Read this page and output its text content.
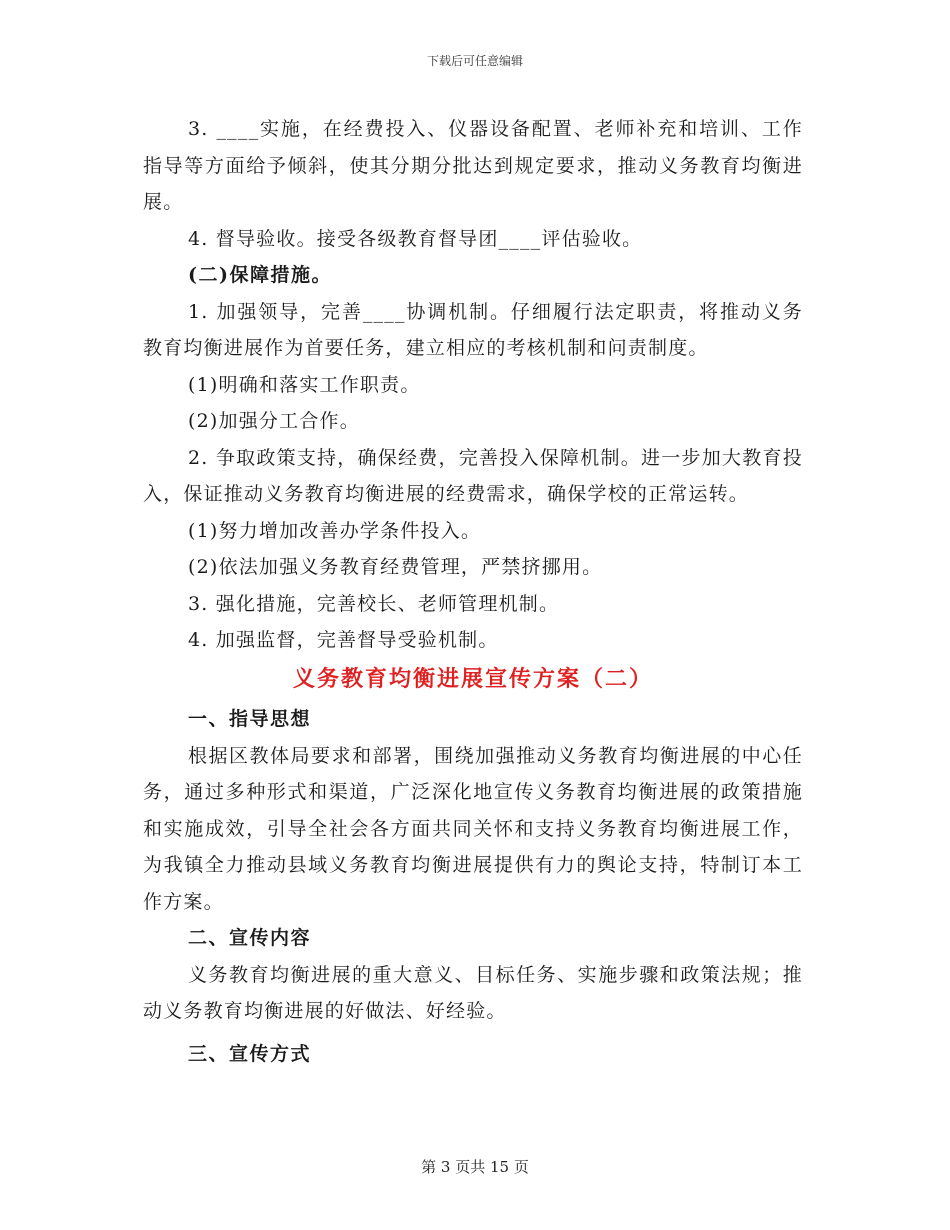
下载后可任意编辑

3. ____实施，在经费投入、仪器设备配置、老师补充和培训、工作指导等方面给予倾斜，使其分期分批达到规定要求，推动义务教育均衡进展。

4. 督导验收。接受各级教育督导团____评估验收。

(二)保障措施。

1. 加强领导，完善____协调机制。仔细履行法定职责，将推动义务教育均衡进展作为首要任务，建立相应的考核机制和问责制度。

(1)明确和落实工作职责。

(2)加强分工合作。

2. 争取政策支持，确保经费，完善投入保障机制。进一步加大教育投入，保证推动义务教育均衡进展的经费需求，确保学校的正常运转。

(1)努力增加改善办学条件投入。

(2)依法加强义务教育经费管理，严禁挤挪用。

3. 强化措施，完善校长、老师管理机制。

4. 加强监督，完善督导受验机制。

义务教育均衡进展宣传方案（二）

一、指导思想

根据区教体局要求和部署，围绕加强推动义务教育均衡进展的中心任务，通过多种形式和渠道，广泛深化地宣传义务教育均衡进展的政策措施和实施成效，引导全社会各方面共同关怀和支持义务教育均衡进展工作，为我镇全力推动县域义务教育均衡进展提供有力的舆论支持，特制订本工作方案。

二、宣传内容

义务教育均衡进展的重大意义、目标任务、实施步骤和政策法规；推动义务教育均衡进展的好做法、好经验。

三、宣传方式

第 3 页共 15 页
